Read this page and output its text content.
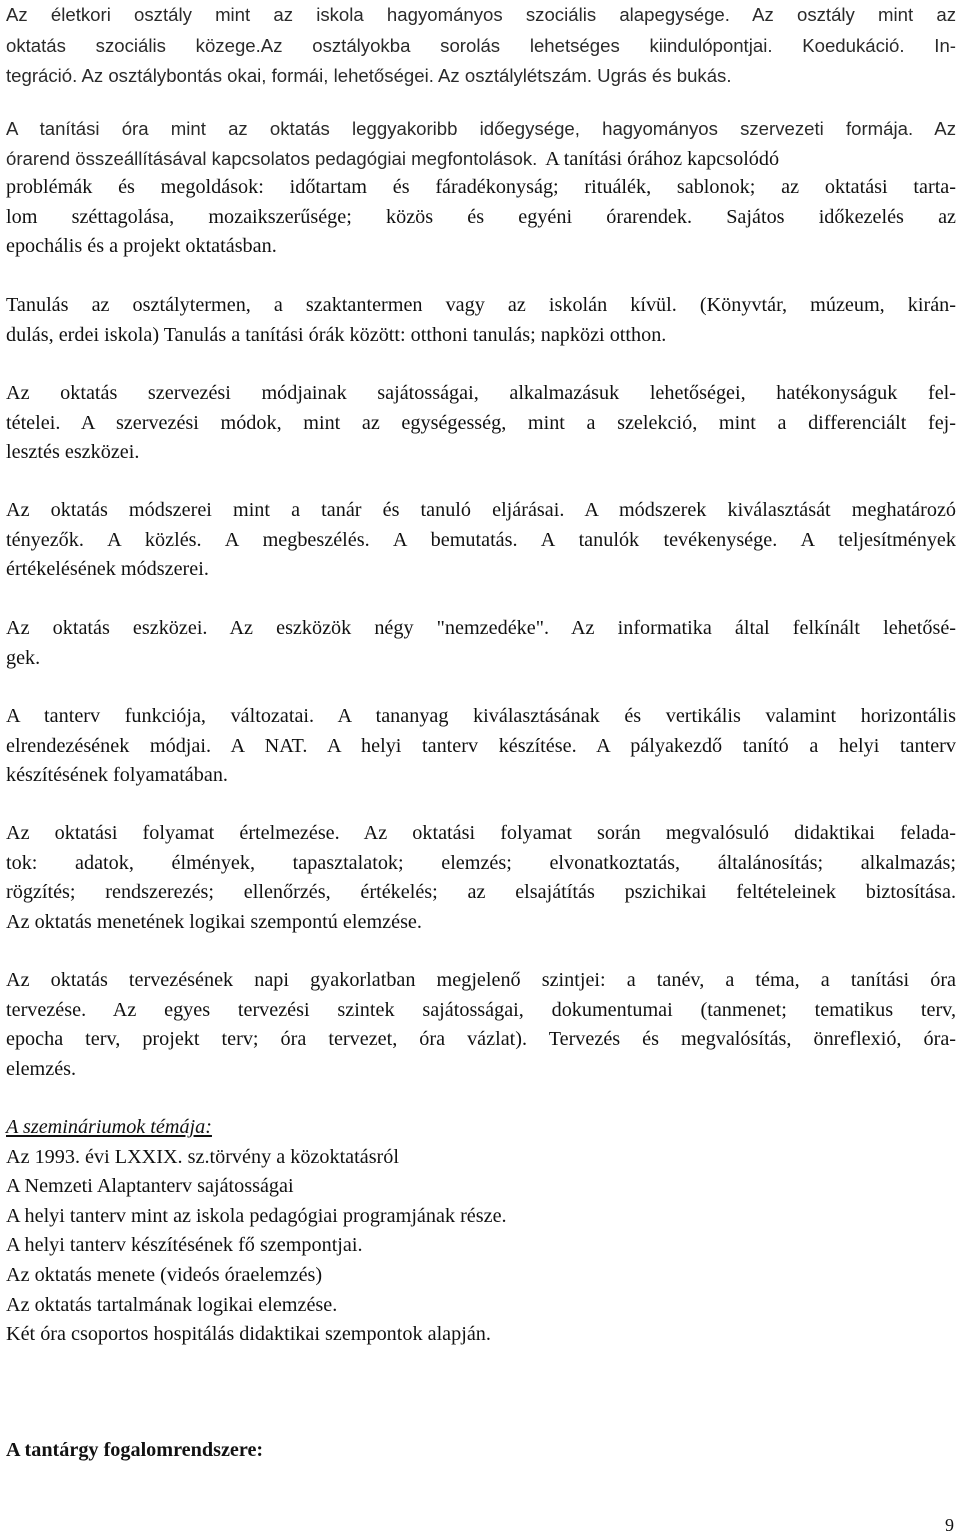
Az életkori osztály mint az iskola hagyományos szociális alapegysége. Az osztály mint az
oktatás szociális közege.Az osztályokba sorolás lehetséges kiindulópontjai. Koedukáció. In-
tegráció. Az osztálybontás okai, formái, lehetőségei. Az osztálylétszám. Ugrás és bukás.
A tanítási óra mint az oktatás leggyakoribb időegysége, hagyományos szervezeti formája. Az
órarend összeállításával kapcsolatos pedagógiai megfontolások. A tanítási órához kapcsolódó
problémák és megoldások: időtartam és fáradékonyság; rituálék, sablonok; az oktatási tarta-
lom széttagolása, mozaikszerűsége; közös és egyéni órarendek. Sajátos időkezelés az
epochális és a projekt oktatásban.
Tanulás az osztálytermen, a szaktantermen vagy az iskolán kívül. (Könyvtár, múzeum, kirán-
dulás, erdei iskola) Tanulás a tanítási órák között: otthoni tanulás; napközi otthon.
Az oktatás szervezési módjainak sajátosságai, alkalmazásuk lehetőségei, hatékonyságuk fel-
tételei. A szervezési módok, mint az egységesség, mint a szelekció, mint a differenciált fej-
lesztés eszközei.
Az oktatás módszerei mint a tanár és tanuló eljárásai. A módszerek kiválasztását meghatározó
tényezők. A közlés. A megbeszélés. A bemutatás. A tanulók tevékenysége. A teljesítmények
értékelésének módszerei.
Az oktatás eszközei. Az eszközök négy "nemzedéke". Az informatika által felkínált lehetősé-
gek.
A tanterv funkciója, változatai. A tananyag kiválasztásának és vertikális valamint horizontális
elrendezésének módjai. A NAT. A helyi tanterv készítése. A pályakezdő tanító a helyi tanterv
készítésének folyamatában.
Az oktatási folyamat értelmezése. Az oktatási folyamat során megvalósuló didaktikai felada-
tok: adatok, élmények, tapasztalatok; elemzés; elvonatkoztatás, általánosítás; alkalmazás;
rögzítés; rendszerezés; ellenőrzés, értékelés; az elsajátítás pszichikai feltételeinek biztosítása.
Az oktatás menetének logikai szempontú elemzése.
Az oktatás tervezésének napi gyakorlatban megjelenő szintjei: a tanév, a téma, a tanítási óra
tervezése. Az egyes tervezési szintek sajátosságai, dokumentumai (tanmenet; tematikus terv,
epocha terv, projekt terv; óra tervezet, óra vázlat). Tervezés és megvalósítás, önreflexió, óra-
elemzés.
A szemináriumok témája:
Az 1993. évi LXXIX. sz.törvény a közoktatásról
A Nemzeti Alaptanterv sajátosságai
A helyi tanterv mint az iskola pedagógiai programjának része.
A helyi tanterv készítésének fő szempontjai.
Az oktatás menete (videós óraelemzés)
Az oktatás tartalmának logikai elemzése.
Két óra csoportos hospitálás didaktikai szempontok alapján.
A tantárgy fogalomrendszere:
9
